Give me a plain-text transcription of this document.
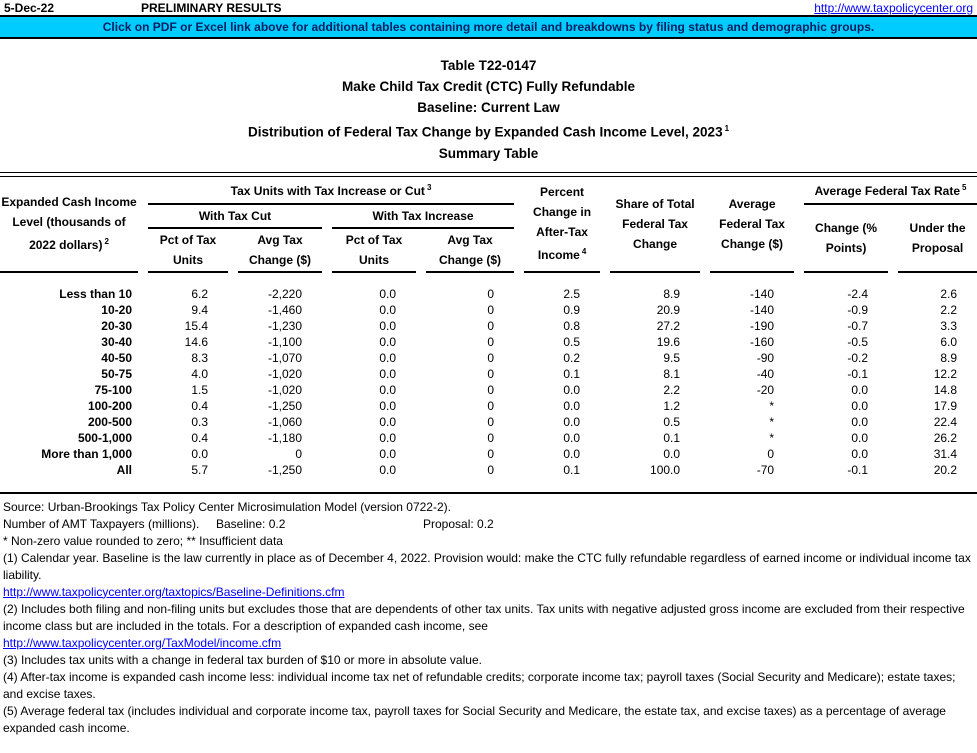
5-Dec-22	PRELIMINARY RESULTS	http://www.taxpolicycenter.org
Click on PDF or Excel link above for additional tables containing more detail and breakdowns by filing status and demographic groups.
Table T22-0147
Make Child Tax Credit (CTC) Fully Refundable
Baseline: Current Law
Distribution of Federal Tax Change by Expanded Cash Income Level, 2023 $^1$
Summary Table
Expanded Cash Income Level (thousands of 2022 dollars) $^2$	Tax Units with Tax Increase or Cut $^3$				Percent Change in After-Tax Income $^4$	Share of Total Federal Tax Change	Average Federal Tax Change ($)	Average Federal Tax Rate $^5$
	With Tax Cut		With Tax Increase					Change (% Points)	Under the Proposal
	Pct of Tax Units	Avg Tax Change ($)	Pct of Tax Units	Avg Tax Change ($)					
Less than 10	6.2	-2,220	0.0	0	2.5	8.9	-140	-2.4	2.6
10-20	9.4	-1,460	0.0	0	0.9	20.9	-140	-0.9	2.2
20-30	15.4	-1,230	0.0	0	0.8	27.2	-190	-0.7	3.3
30-40	14.6	-1,100	0.0	0	0.5	19.6	-160	-0.5	6.0
40-50	8.3	-1,070	0.0	0	0.2	9.5	-90	-0.2	8.9
50-75	4.0	-1,020	0.0	0	0.1	8.1	-40	-0.1	12.2
75-100	1.5	-1,020	0.0	0	0.0	2.2	-20	0.0	14.8
100-200	0.4	-1,250	0.0	0	0.0	1.2	*	0.0	17.9
200-500	0.3	-1,060	0.0	0	0.0	0.5	*	0.0	22.4
500-1,000	0.4	-1,180	0.0	0	0.0	0.1	*	0.0	26.2
More than 1,000	0.0	0	0.0	0	0.0	0.0	0	0.0	31.4
All	5.7	-1,250	0.0	0	0.1	100.0	-70	-0.1	20.2

Source: Urban-Brookings Tax Policy Center Microsimulation Model (version 0722-2).

Number of AMT Taxpayers (millions). Baseline: 0.2	Proposal: 0.2

* Non-zero value rounded to zero; ** Insufficient data

(1) Calendar year. Baseline is the law currently in place as of December 4, 2022. Provision would: make the CTC fully refundable regardless of earned income or individual income tax liability.

http://www.taxpolicycenter.org/taxtopics/Baseline-Definitions.cfm

(2) Includes both filing and non-filing units but excludes those that are dependents of other tax units. Tax units with negative adjusted gross income are excluded from their respective income class but are included in the totals. For a description of expanded cash income, see

http://www.taxpolicycenter.org/TaxModel/income.cfm

(3) Includes tax units with a change in federal tax burden of $10 or more in absolute value.

(4) After-tax income is expanded cash income less: individual income tax net of refundable credits; corporate income tax; payroll taxes (Social Security and Medicare); estate taxes; and excise taxes.

(5) Average federal tax (includes individual and corporate income tax, payroll taxes for Social Security and Medicare, the estate tax, and excise taxes) as a percentage of average expanded cash income.
